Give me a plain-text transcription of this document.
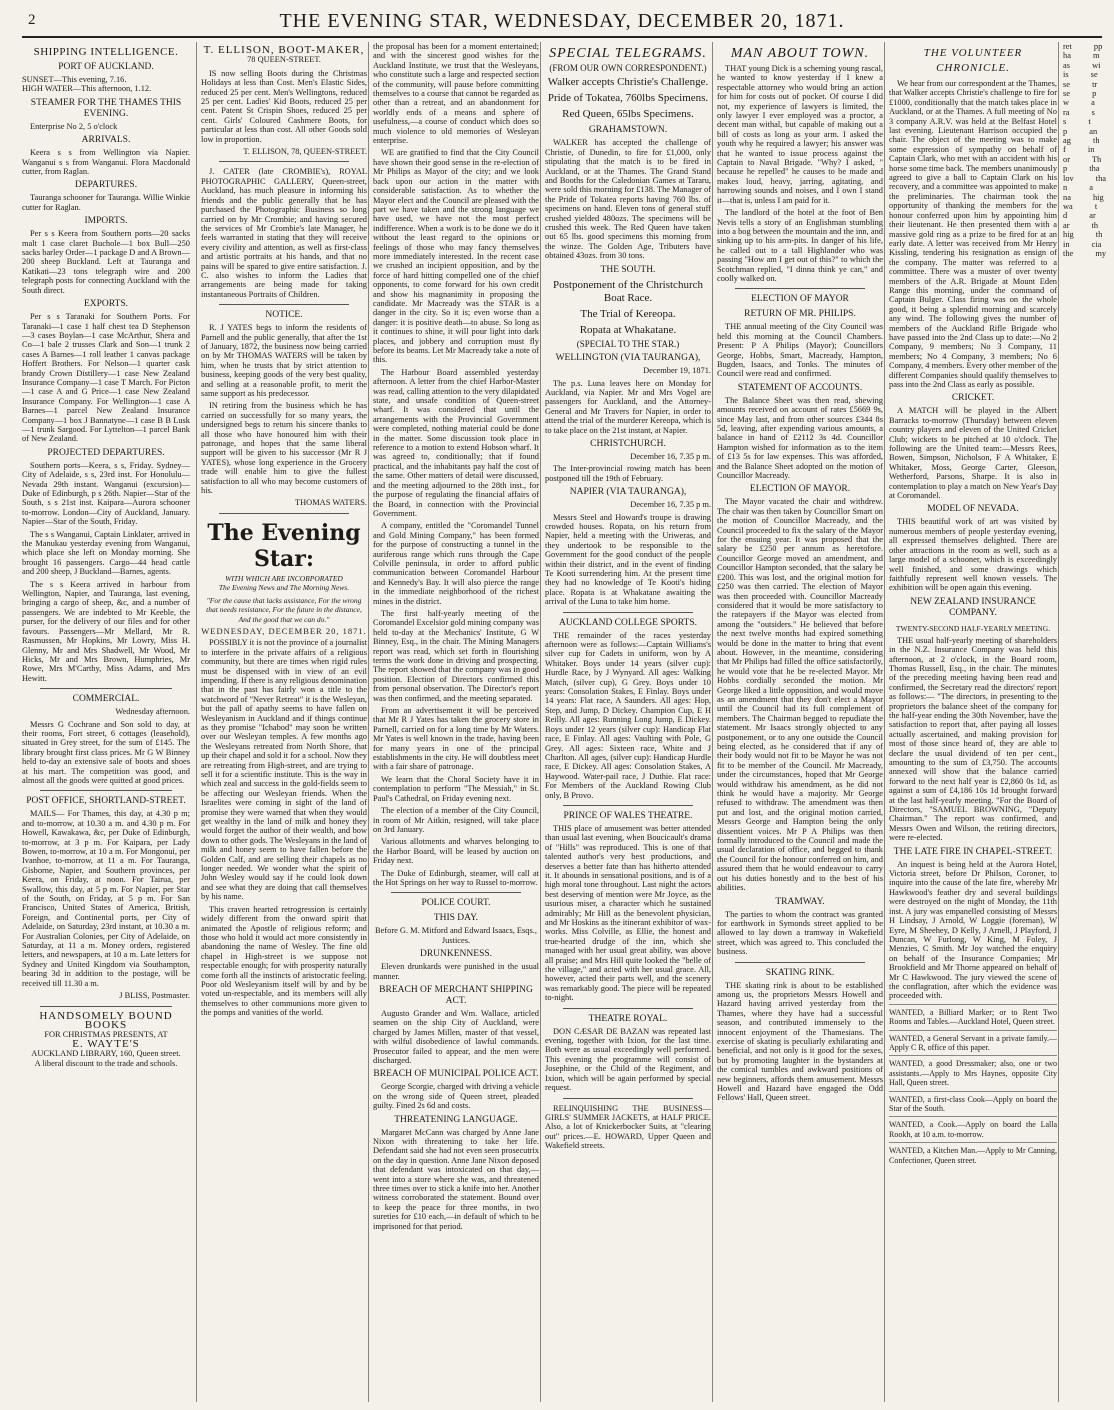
2	THE EVENING STAR, WEDNESDAY, DECEMBER 20, 1871.
SHIPPING INTELLIGENCE.
PORT OF AUCKLAND.

SUNSET—This evening, 7.16.
HIGH WATER—This afternoon, 1.12.

STEAMER FOR THE THAMES THIS EVENING.

Enterprise No 2, 5 o'clock

ARRIVALS.

Keera s s from Wellington via Napier. Wanganui s s from Wanganui. Flora Macdonald cutter, from Raglan.

DEPARTURES.

Tauranga schooner for Tauranga. Willie Winkie cutter for Raglan.

IMPORTS.

Per s s Keera from Southern ports—20 sacks malt 1 case claret Buchole—1 box Bull—250 sacks barley Order—1 package D and A Brown—200 sheep Buckland. Left at Tauranga and Katikati—23 tons telegraph wire and 200 telegraph posts for connecting Auckland with the South direct.

EXPORTS.

Per s s Taranaki for Southern Ports. For Taranaki—1 case 1 half chest tea D Stephenson—3 cases Boylan—1 case McArthur, Shera and Co—1 bale 2 trusses Clark and Son—1 trunk 2 cases A Barnes—1 roll leather 1 canvas package Hoffert Brothers. For Nelson—1 quarter cask brandy Crown Distillery—1 case New Zealand Insurance Company—1 case T March. For Picton—1 case A and G Price—1 case New Zealand Insurance Company. For Wellington—1 case A Barnes—1 parcel New Zealand Insurance Company—1 box J Bannatyne—1 case B B Lusk—1 trunk Sargood. For Lyttelton—1 parcel Bank of New Zealand.

PROJECTED DEPARTURES.

Southern ports—Keera, s s, Friday. Sydney—City of Adelaide, s s, 23rd inst. For Honolulu—Nevada 29th instant. Wanganui (excursion)—Duke of Edinburgh, p s 26th. Napier—Star of the South, s s 21st inst. Kaipara—Aurora schooner to-morrow. London—City of Auckland, January. Napier—Star of the South, Friday.

The s s Wanganui, Captain Linklater, arrived in the Manukau yesterday evening from Wanganui, which place she left on Monday morning. She brought 16 passengers. Cargo—44 head cattle and 200 sheep, J Buckland—Barnes, agents.

The s s Keera arrived in harbour from Wellington, Napier, and Tauranga, last evening, bringing a cargo of sheep, &c, and a number of passengers. We are indebted to Mr Keeble, the purser, for the delivery of our files and for other favours. Passengers—Mr Mellard, Mr R. Rasmussen, Mr Hopkins, Mr Lowry, Miss H. Glenny, Mr and Mrs Shadwell, Mr Wood, Mr Hicks, Mr and Mrs Brown, Humphries, Mr Rowe, Mrs M'Carthy, Miss Adams, and Mrs Hewitt.

COMMERCIAL.

Wednesday afternoon.

Messrs G Cochrane and Son sold to day, at their rooms, Fort street, 6 cottages (leasehold), situated in Grey street, for the sum of £145. The library brought first class prices. Mr G W Binney held to-day an extensive sale of boots and shoes at his mart. The competition was good, and almost all the goods were quitted at good prices.

POST OFFICE, SHORTLAND-STREET.

MAILS— For Thames, this day, at 4.30 p m; and to-morrow, at 10.30 a m. and 4.30 p m. For Howell, Kawakawa, &c, per Duke of Edinburgh, to-morrow, at 3 p m. For Kaipara, per Lady Bowen, to-morrow, at 10 a m. For Mongonui, per Ivanhoe, to-morrow, at 11 a m. For Tauranga, Gisborne, Napier, and Southern provinces, per Keera, on Friday, at noon. For Tairua, per Swallow, this day, at 5 p m. For Napier, per Star of the South, on Friday, at 5 p m. For San Francisco, United States of America, British, Foreign, and Continental ports, per City of Adelaide, on Saturday, 23rd instant, at 10.30 a m. For Australian Colonies, per City of Adelaide, on Saturday, at 11 a m. Money orders, registered letters, and newspapers, at 10 a m. Late letters for Sydney and United Kingdom via Southampton, bearing 3d in addition to the postage, will be received till 11.30 a m.

J BLISS, Postmaster.

HANDSOMELY BOUND BOOKS
FOR CHRISTMAS PRESENTS, AT
E. WAYTE'S
AUCKLAND LIBRARY, 160, Queen street.
A liberal discount to the trade and schools.
T. ELLISON, BOOT-MAKER,
78 QUEEN-STREET.

IS now selling Boots during the Christmas Holidays at less than Cost. Men's Elastic Sides, reduced 25 per cent. Men's Wellingtons, reduced 25 per cent. Ladies' Kid Boots, reduced 25 per cent. Patent St Crispin Shoes, reduced 25 per cent. Girls' Coloured Cashmere Boots, for particular at less than cost. All other Goods sold low in proportion.

T. ELLISON, 78, QUEEN-STREET.

J. CATER (late CROMBIE's), ROYAL PHOTOGRAPHIC GALLERY, Queen-street, Auckland, has much pleasure in informing his friends and the public generally that he has purchased the Photographic Business so long carried on by Mr Crombie; and having secured the services of Mr Crombie's late Manager, he feels warranted in stating that they will receive every civility and attention, as well as first-class and artistic portraits at his hands, and that no pains will be spared to give entire satisfaction. J. C. also wishes to inform the Ladies that arrangements are being made for taking instantaneous Portraits of Children.

NOTICE.

R. J YATES begs to inform the residents of Parnell and the public generally, that after the 1st of January, 1872, the business now being carried on by Mr THOMAS WATERS will be taken by him, when he trusts that by strict attention to business, keeping goods of the very best quality, and selling at a reasonable profit, to merit the same support as his predecessor.

IN retiring from the business which he has carried on successfully for so many years, the undersigned begs to return his sincere thanks to all those who have honoured him with their patronage, and hopes that the same liberal support will be given to his successor (Mr R J YATES), whose long experience in the Grocery trade will enable him to give the fullest satisfaction to all who may become customers of his.

THOMAS WATERS.

The Evening Star:
WITH WHICH ARE INCORPORATED
The Evening News and The Morning News.
"For the cause that lacks assistance, For the wrong that needs resistance, For the future in the distance, And the good that we can do."
WEDNESDAY, DECEMBER 20, 1871.

POSSIBLY it is not the province of a journalist to interfere in the private affairs of a religious community, but there are times when rigid rules must be dispensed with in view of an evil impending. If there is any religious denomination that in the past has fairly won a title to the watchword of "Never Retreat" it is the Wesleyan, but the pall of apathy seems to have fallen on Wesleyanism in Auckland and if things continue as they promise "Ichabod" may soon be written over our Wesleyan temples. A few months ago the Wesleyans retreated from North Shore, that up their chapel and sold it for a school. Now they are retreating from High-street, and are trying to sell it for a scientific institute. This is the way in which zeal and success in the gold-fields seem to be affecting our Wesleyan friends. When the Israelites were coming in sight of the land of promise they were warned that when they would get wealthy in the land of milk and honey they would forget the author of their wealth, and bow down to other gods. The Wesleyans in the land of milk and honey seem to have fallen before the Golden Calf, and are selling their chapels as no longer needed. We wonder what the spirit of John Wesley would say if he could look down and see what they are doing that call themselves by his name.

This craven hearted retrogression is certainly widely different from the onward spirit that animated the Apostle of religious reform; and those who hold it would act more consistently in abandoning the name of Wesley. The fine old chapel in High-street is we suppose not respectable enough; for with prosperity naturally come forth all the instincts of aristocratic feeling. Poor old Wesleyanism itself will by and by be voted un-respectable, and its members will ally themselves to other communions more given to the pomps and vanities of the world.

the proposal has been for a moment entertained; and with the sincerest good wishes for the Auckland Institute, we trust that the Wesleyans, who constitute such a large and respected section of the community, will pause before committing themselves to a course that cannot be regarded as other than a retreat, and an abandonment for worldly ends of a means and sphere of usefulness,—a course of conduct which does so much violence to old memories of Wesleyan enterprise.

WE are gratified to find that the City Council have shown their good sense in the re-election of Mr Philips as Mayor of the city; and we look back upon our action in the matter with considerable satisfaction. As to whether the Mayor elect and the Council are pleased with the part we have taken and the strong language we have used, we have not the most perfect indifference. When a work is to be done we do it without the least regard to the opinions or feelings of those who may fancy themselves more immediately interested. In the recent case we crushed an incipient opposition, and by the force of hard hitting compelled one of the chief opponents, to come forward for his own credit and show his magnanimity in proposing the candidate. Mr Macready was the STAR is a danger in the city. So it is; even worse than a danger: it is positive death—to abuse. So long as it continues to shine, it will pour light into dark places, and jobbery and corruption must fly before its beams. Let Mr Macready take a note of this.

The Harbour Board assembled yesterday afternoon. A letter from the chief Harbor-Master was read, calling attention to the very dilapidated state, and unsafe condition of Queen-street wharf. It was considered that until the arrangements with the Provincial Government were completed, nothing material could be done in the matter. Some discussion took place in reference to a motion to extend Hobson wharf. It was agreed to, conditionally; that if found practical, and the inhabitants pay half the cost of the same. Other matters of detail were discussed, and the meeting adjourned to the 28th inst., for the purpose of regulating the financial affairs of the Board, in connection with the Provincial Government.

A company, entitled the "Coromandel Tunnel and Gold Mining Company," has been formed for the purpose of constructing a tunnel in the auriferous range which runs through the Cape Colville peninsula, in order to afford public communication between Coromandel Harbour and Kennedy's Bay. It will also pierce the range in the immediate neighborhood of the richest mines in the district.

The first half-yearly meeting of the Coromandel Excelsior gold mining company was held to-day at the Mechanics' Institute, G W Binney, Esq., in the chair. The Mining Managers report was read, which set forth in flourishing terms the work done in driving and prospecting. The report showed that the company was in good position. Election of Directors confirmed this from personal observation. The Director's report was then confirmed, and the meeting separated.

From an advertisement it will be perceived that Mr R J Yates has taken the grocery store in Parnell, carried on for a long time by Mr Waters. Mr Yates is well known in the trade, having been for many years in one of the principal establishments in the city. He will doubtless meet with a fair share of patronage.

We learn that the Choral Society have it in contemplation to perform "The Messiah," in St. Paul's Cathedral, on Friday evening next.

The election of a member of the City Council, in room of Mr Aitkin, resigned, will take place on 3rd January.

Various allotments and wharves belonging to the Harbor Board, will be leased by auction on Friday next.

The Duke of Edinburgh, steamer, will call at the Hot Springs on her way to Russel to-morrow.

POLICE COURT.
THIS DAY.

Before G. M. Mitford and Edward Isaacs, Esqs., Justices.

DRUNKENNESS.

Eleven drunkards were punished in the usual manner.

BREACH OF MERCHANT SHIPPING ACT.

Augusto Grander and Wm. Wallace, articled seamen on the ship City of Auckland, were charged by James Millen, master of that vessel, with wilful disobedience of lawful commands. Prosecutor failed to appear, and the men were discharged.

BREACH OF MUNICIPAL POLICE ACT.

George Scorgie, charged with driving a vehicle on the wrong side of Queen street, pleaded guilty. Fined 2s 6d and costs.

THREATENING LANGUAGE.

Margaret McCann was charged by Anne Jane Nixon with threatening to take her life. Defendant said she had not even seen prosecutrix on the day in question. Anne Jane Nixon deposed that defendant was intoxicated on that day,—went into a store where she was, and threatened three times over to stick a knife into her. Another witness corroborated the statement. Bound over to keep the peace for three months, in two sureties for £10 each,—in default of which to be imprisoned for that period.

SPECIAL TELEGRAMS.
(FROM OUR OWN CORRESPONDENT.)
Walker accepts Christie's Challenge.
Pride of Tokatea, 760lbs Specimens.
Red Queen, 65lbs Specimens.
GRAHAMSTOWN.

WALKER has accepted the challenge of Christie, of Dunedin, to fire for £1,000, only stipulating that the match is to be fired in Auckland, or at the Thames. The Grand Stand and Booths for the Caledonian Games at Tararu, were sold this morning for £138. The Manager of the Pride of Tokatea reports having 760 lbs. of specimens on hand. Eleven tons of general stuff crushed yielded 480ozs. The specimens will be crushed this week. The Red Queen have taken out 65 lbs. good specimens this morning from the winze. The Golden Age, Tributers have obtained 43ozs. from 30 tons.

THE SOUTH.
Postponement of the Christchurch Boat Race.
The Trial of Kereopa.
Ropata at Whakatane.
(SPECIAL TO THE STAR.)
WELLINGTON (VIA TAURANGA),

December 19, 1871.

The p.s. Luna leaves here on Monday for Auckland, via Napier. Mr and Mrs Vogel are passengers for Auckland, and the Attorney-General and Mr Travers for Napier, in order to attend the trial of the murderer Kereopa, which is to take place on the 21st instant, at Napier.

CHRISTCHURCH.

December 16, 7.35 p m.

The Inter-provincial rowing match has been postponed till the 19th of February.

NAPIER (VIA TAURANGA),

December 16, 7.35 p m.

Messrs Steel and Howard's troupe is drawing crowded houses. Ropata, on his return from Napier, held a meeting with the Uriweras, and they undertook to be responsible to the Government for the good conduct of the people within their district, and in the event of finding Te Kooti surrendering him. At the present time they had no knowledge of Te Kooti's hiding place. Ropata is at Whakatane awaiting the arrival of the Luna to take him home.

AUCKLAND COLLEGE SPORTS.

THE remainder of the races yesterday afternoon were as follows:—Captain Williams's silver cup for Cadets in uniform, won by A Whitaker. Boys under 14 years (silver cup): Hurdle Race, by J Wynyard. All ages: Walking Match, (silver cup), G Grey. Boys under 10 years: Consolation Stakes, E Finlay. Boys under 14 years: Flat race, A Saunders. All ages: Hop, Step, and Jump, D Dickey. Champion Cup, E H Reilly. All ages: Running Long Jump, E Dickey. Boys under 12 years (silver cup): Handicap Flat race, E Finlay. All ages: Vaulting with Pole, G Grey. All ages: Sixteen race, White and J Charlton. All ages, (silver cup): Handicap Hurdle race, E Dickey. All ages: Consolation Stakes, A Haywood. Water-pail race, J Duthie. Flat race: For Members of the Auckland Rowing Club only, B Provo.

PRINCE OF WALES THEATRE.

THIS place of amusement was better attended than usual last evening, when Boucicault's drama of "Hills" was reproduced. This is one of that talented author's very best productions, and deserves a better fate than has hitherto attended it. It abounds in sensational positions, and is of a high moral tone throughout. Last night the actors best deserving of mention were Mr Joyce, as the usurious miser, a character which he sustained admirably; Mr Hill as the benevolent physician, and Mr Hoskins as the itinerant exhibitor of wax-works. Miss Colville, as Ellie, the honest and true-hearted drudge of the inn, which she managed with her usual great ability, was above all praise; and Mrs Hill quite looked the "belle of the village," and acted with her usual grace. All, however, acted their parts well, and the scenery was remarkably good. The piece will be repeated to-night.

THEATRE ROYAL.

DON CÆSAR DE BAZAN was repeated last evening, together with Ixion, for the last time. Both were as usual exceedingly well performed. This evening the programme will consist of Josephine, or the Child of the Regiment, and Ixion, which will be again performed by special request.

RELINQUISHING THE BUSINESS—GIRLS' SUMMER JACKETS, at HALF PRICE. Also, a lot of Knickerbocker Suits, at "clearing out" prices.—E. HOWARD, Upper Queen and Wakefield streets.

MAN ABOUT TOWN.

THAT young Dick is a scheming young rascal, he wanted to know yesterday if I knew a respectable attorney who would bring an action for him for costs out of pocket. Of course I did not, my experience of lawyers is limited, the only lawyer I ever employed was a proctor, a decent man withal, but capable of making out a bill of costs as long as your arm. I asked the youth why he required a lawyer; his answer was that he wanted to issue process against the Captain to Naval Brigade. "Why? I asked, " because he repelled" he causes to be made and makes loud, heavy, jarring, agitating, and harrowing sounds and noises, and I own I stand it—that is, unless I am paid for it.

The landlord of the hotel at the foot of Ben Nevis tells a story of an Englishman stumbling into a bog between the mountain and the inn, and sinking up to his arm-pits. In danger of his life, he called out to a tall Highlander who was passing "How am I get out of this?" to which the Scotchman replied, "I dinna think ye can," and coolly walked on.

ELECTION OF MAYOR
RETURN OF MR. PHILIPS.

THE annual meeting of the City Council was held this morning at the Council Chambers. Present: P A Philips (Mayor); Councillors George, Hobbs, Smart, Macready, Hampton, Bugden, Isaacs, and Tonks. The minutes of Council were read and confirmed.

STATEMENT OF ACCOUNTS.

The Balance Sheet was then read, shewing amounts received on account of rates £5669 9s, since May last, and from other sources £344 8s 5d, leaving, after expending various amounts, a balance in hand of £2112 3s 4d. Councillor Hampton wished for information as to the item of £13 5s for law expenses. This was afforded, and the Balance Sheet adopted on the motion of Councillor Macready.

ELECTION OF MAYOR.

The Mayor vacated the chair and withdrew. The chair was then taken by Councillor Smart on the motion of Councillor Macready, and the Council proceeded to fix the salary of the Mayor for the ensuing year. It was proposed that the salary be £250 per annum as heretofore. Councillor George moved an amendment, and Councillor Hampton seconded, that the salary be £200. This was lost, and the original motion for £250 was then carried. The election of Mayor was then proceeded with. Councillor Macready considered that it would be more satisfactory to the ratepayers if the Mayor was elected from among the "outsiders." He believed that before the next twelve months had expired something would be done in the matter to bring that event about. However, in the meantime, considering that Mr Philips had filled the office satisfactorily, he would vote that he be re-elected Mayor. Mr Hobbs cordially seconded the motion. Mr George liked a little opposition, and would move as an amendment that they don't elect a Mayor until the Council had its full complement of members. The Chairman begged to repudiate the statement. Mr Isaacs strongly objected to any postponement, or to any one outside the Council being elected, as he considered that if any of their body would not fit to be Mayor he was not fit to be member of the Council. Mr Macready, under the circumstances, hoped that Mr George would withdraw his amendment, as he did not think he would have a majority. Mr George refused to withdraw. The amendment was then put and lost, and the original motion carried, Messrs George and Hampton being the only dissentient voices. Mr P A Philips was then formally introduced to the Council and made the usual declaration of office, and begged to thank the Council for the honour conferred on him, and assured them that he would endeavour to carry out his duties honestly and to the best of his abilities.

TRAMWAY.

The parties to whom the contract was granted for earthwork in Symonds street applied to be allowed to lay down a tramway in Wakefield street, which was agreed to. This concluded the business.

SKATING RINK.

THE skating rink is about to be established among us, the proprietors Messrs Howell and Hazard having arrived yesterday from the Thames, where they have had a successful season, and contributed immensely to the innocent enjoyment of the Thamesians. The exercise of skating is peculiarly exhilarating and beneficial, and not only is it good for the sexes, but by promoting laughter in the bystanders at the comical tumbles and awkward positions of new beginners, affords them amusement. Messrs Howell and Hazard have engaged the Odd Fellows' Hall, Queen street.

THE VOLUNTEER CHRONICLE.

We hear from our correspondent at the Thames, that Walker accepts Christie's challenge to fire for £1000, conditionally that the match takes place in Auckland, or at the Thames. A full meeting of No 3 company A.R.V. was held at the Belfast Hotel last evening. Lieutenant Harrison occupied the chair. The object of the meeting was to make some expression of sympathy on behalf of Captain Clark, who met with an accident with his horse some time back. The members unanimously agreed to give a ball to Captain Clark on his recovery, and a committee was appointed to make the preliminaries. The chairman took the opportunity of thanking the members for the honour conferred upon him by appointing him their lieutenant. He then presented them with a massive gold ring as a prize to be fired for at an early date. A letter was received from Mr Henry Kissling, tendering his resignation as ensign of the company. The matter was referred to a committee. There was a muster of over twenty members of the A.R. Brigade at Mount Eden Range this morning, under the command of Captain Bulger. Class firing was on the whole good, it being a splendid morning and scarcely any wind. The following gives the number of members of the Auckland Rifle Brigade who have passed into the 2nd Class up to date:—No 2 Company, 9 members; No 3 Company, 11 members; No 4 Company, 3 members; No 6 Company, 4 members. Every other member of the different Companies should qualify themselves to pass into the 2nd Class as early as possible.

CRICKET.

A MATCH will be played in the Albert Barracks to-morrow (Thursday) between eleven country players and eleven of the United Cricket Club; wickets to be pitched at 10 o'clock. The following are the United team:—Messrs Rees, Bowen, Simpson, Nicholson, F A Whitaker, E Whitaker, Moss, George Carter, Gleeson, Wetherford, Parsons, Sharpe. It is also in contemplation to play a match on New Year's Day at Coromandel.

MODEL OF NEVADA.

THIS beautiful work of art was visited by numerous members of people yesterday evening, all expressed themselves delighted. There are other attractions in the room as well, such as a large model of a schooner, which is exceedingly well finished, and some drawings which faithfully represent well known vessels. The exhibition will be open again this evening.

NEW ZEALAND INSURANCE COMPANY.
TWENTY-SECOND HALF-YEARLY MEETING.

THE usual half-yearly meeting of shareholders in the N.Z. Insurance Company was held this afternoon, at 2 o'clock, in the Board room, Thomas Russell, Esq., in the chair. The minutes of the preceding meeting having been read and confirmed, the Secretary read the directors' report as follows:— "The directors, in presenting to the proprietors the balance sheet of the company for the half-year ending the 30th November, have the satisfaction to report that, after paying all losses actually ascertained, and making provision for most of those since heard of, they are able to declare the usual dividend of ten per cent., amounting to the sum of £3,750. The accounts annexed will show that the balance carried forward to the next half year is £2,860 0s 1d, as against a sum of £4,186 10s 1d brought forward at the last half-yearly meeting. "For the Board of Directors, "SAMUEL BROWNING, "Deputy Chairman." The report was confirmed, and Messrs Owen and Wilson, the retiring directors, were re-elected.

THE LATE FIRE IN CHAPEL-STREET.

An inquest is being held at the Aurora Hotel, Victoria street, before Dr Philson, Coroner, to inquire into the cause of the late fire, whereby Mr Hawkwood's feather dry and several buildings were destroyed on the night of Monday, the 11th inst. A jury was empanelled consisting of Messrs H Lindsay, J Arnold, W Loggie (foreman), W Eyre, M Sheehey, D Kelly, J Arnell, J Playford, J Duncan, W Furlong, W King, M Foley, J Menzies, C Smith. Mr Joy watched the enquiry on behalf of the Insurance Companies; Mr Brookfield and Mr Thorne appeared on behalf of Mr C Hawkwood. The jury viewed the scene of the conflagration, after which the evidence was proceeded with.

WANTED, a Billiard Marker; or to Rent Two Rooms and Tables.—Auckland Hotel, Queen street.
WANTED, a General Servant in a private family.—Apply C R, office of this paper.
WANTED, a good Dressmaker; also, one or two assistants.—Apply to Mrs Haynes, opposite City Hall, Queen street.
WANTED, a first-class Cook—Apply on board the Star of the South.
WANTED, a Cook.—Apply on board the Lalla Rookh, at 10 a.m. to-morrow.
WANTED, a Kitchen Man.—Apply to Mr Canning, Confectioner, Queen street.

ret pp ha m as wi is se se tr se p w a ra s s t p an ag th f in or Th p tha lov tha n a na hig wa t d ar ar th hig th in cia the my
